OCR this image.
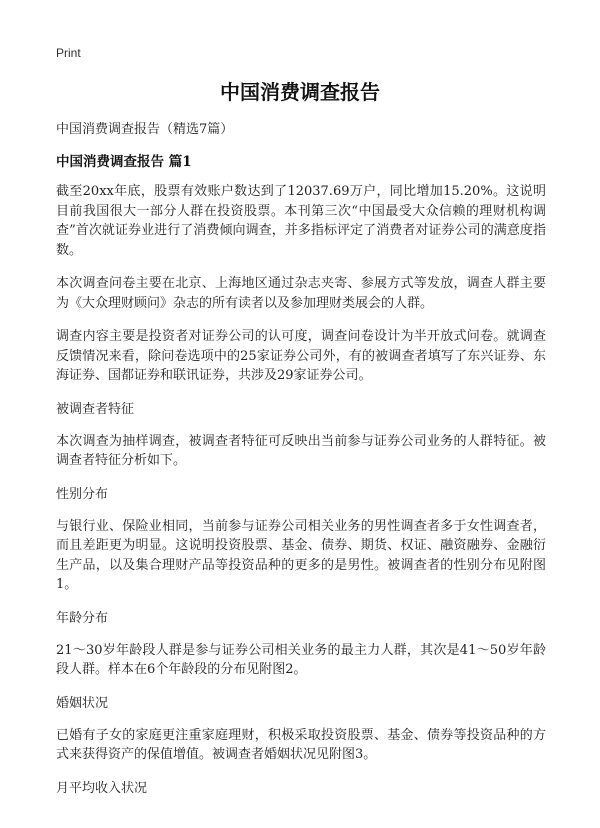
Print
中国消费调查报告

中国消费调查报告（精选7篇）

中国消费调查报告 篇1

截至20xx年底，股票有效账户数达到了12037.69万户，同比增加15.20%。这说明目前我国很大一部分人群在投资股票。本刊第三次“中国最受大众信赖的理财机构调查”首次就证券业进行了消费倾向调查，并多指标评定了消费者对证券公司的满意度指数。

本次调查问卷主要在北京、上海地区通过杂志夹寄、参展方式等发放，调查人群主要为《大众理财顾问》杂志的所有读者以及参加理财类展会的人群。

调查内容主要是投资者对证券公司的认可度，调查问卷设计为半开放式问卷。就调查反馈情况来看，除问卷选项中的25家证券公司外，有的被调查者填写了东兴证券、东海证券、国都证券和联讯证券，共涉及29家证券公司。

被调查者特征

本次调查为抽样调查，被调查者特征可反映出当前参与证券公司业务的人群特征。被调查者特征分析如下。

性别分布

与银行业、保险业相同，当前参与证券公司相关业务的男性调查者多于女性调查者，而且差距更为明显。这说明投资股票、基金、债券、期货、权证、融资融券、金融衍生产品，以及集合理财产品等投资品种的更多的是男性。被调查者的性别分布见附图1。

年龄分布

21～30岁年龄段人群是参与证券公司相关业务的最主力人群，其次是41～50岁年龄段人群。样本在6个年龄段的分布见附图2。

婚姻状况

已婚有子女的家庭更注重家庭理财，积极采取投资股票、基金、债券等投资品种的方式来获得资产的保值增值。被调查者婚姻状况见附图3。

月平均收入状况
